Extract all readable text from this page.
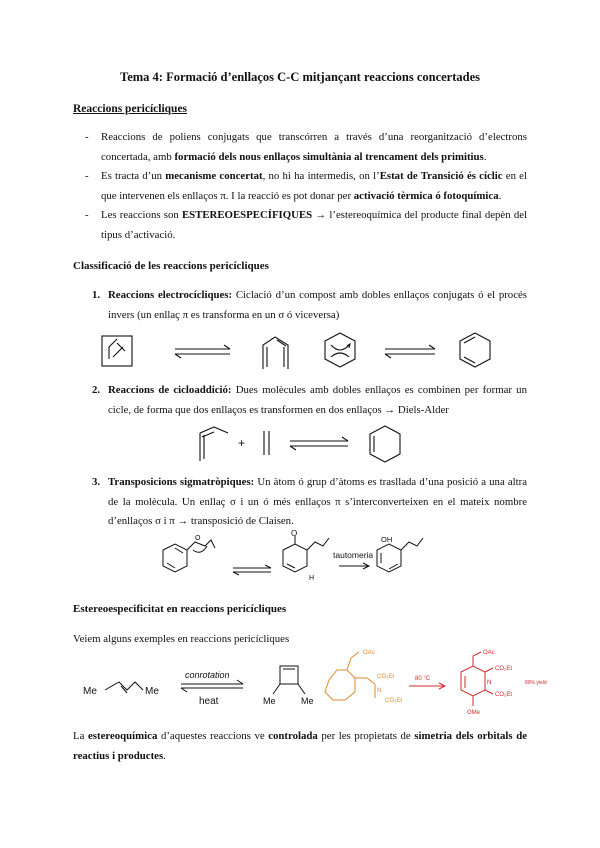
Tema 4: Formació d’enllaços C-C mitjançant reaccions concertades
Reaccions pericícliques
- Reaccions de poliens conjugats que transcórren a través d’una reorganització d’electrons concertada, amb formació dels nous enllaços simultània al trencament dels primitius.
- Es tracta d’un mecanisme concertat, no hi ha intermedis, on l’Estat de Transició és cíclic en el que intervenen els enllaços π. I la reacció es pot donar per activació tèrmica ó fotoquímica.
- Les reaccions son ESTEREOESPECÍFIQUES → l’estereoquímica del producte final depèn del tipus d’activació.
Classificació de les reaccions pericícliques
1. Reaccions electrocícliques: Ciclació d’un compost amb dobles enllaços conjugats ó el procés invers (un enllaç π es transforma en un σ ó viceversa)
2. Reaccions de cicloaddició: Dues molècules amb dobles enllaços es combinen per formar un cicle, de forma que dos enllaços es transformen en dos enllaços → Diels-Alder
+
3. Transposicions sigmatròpiques: Un àtom ó grup d’àtoms es trasllada d’una posició a una altra de la molècula. Un enllaç σ i un ó més enllaços π s’interconverteixen en el mateix nombre d’enllaços σ i π → transposició de Claisen.
O
O
H
tautomeria
OH
Estereoespecificitat en reaccions pericícliques
Veiem alguns exemples en reaccions pericícliques
Me	Me
conrotation
heat	Me	Me
OAc
CO₂Et
N
CO₂Et
80 °C
OAc
CO₂Et
CO₂Et
N
OMe
89% yield
La estereoquímica d’aquestes reaccions ve controlada per les propietats de simetria dels orbitals de reactius i productes.
